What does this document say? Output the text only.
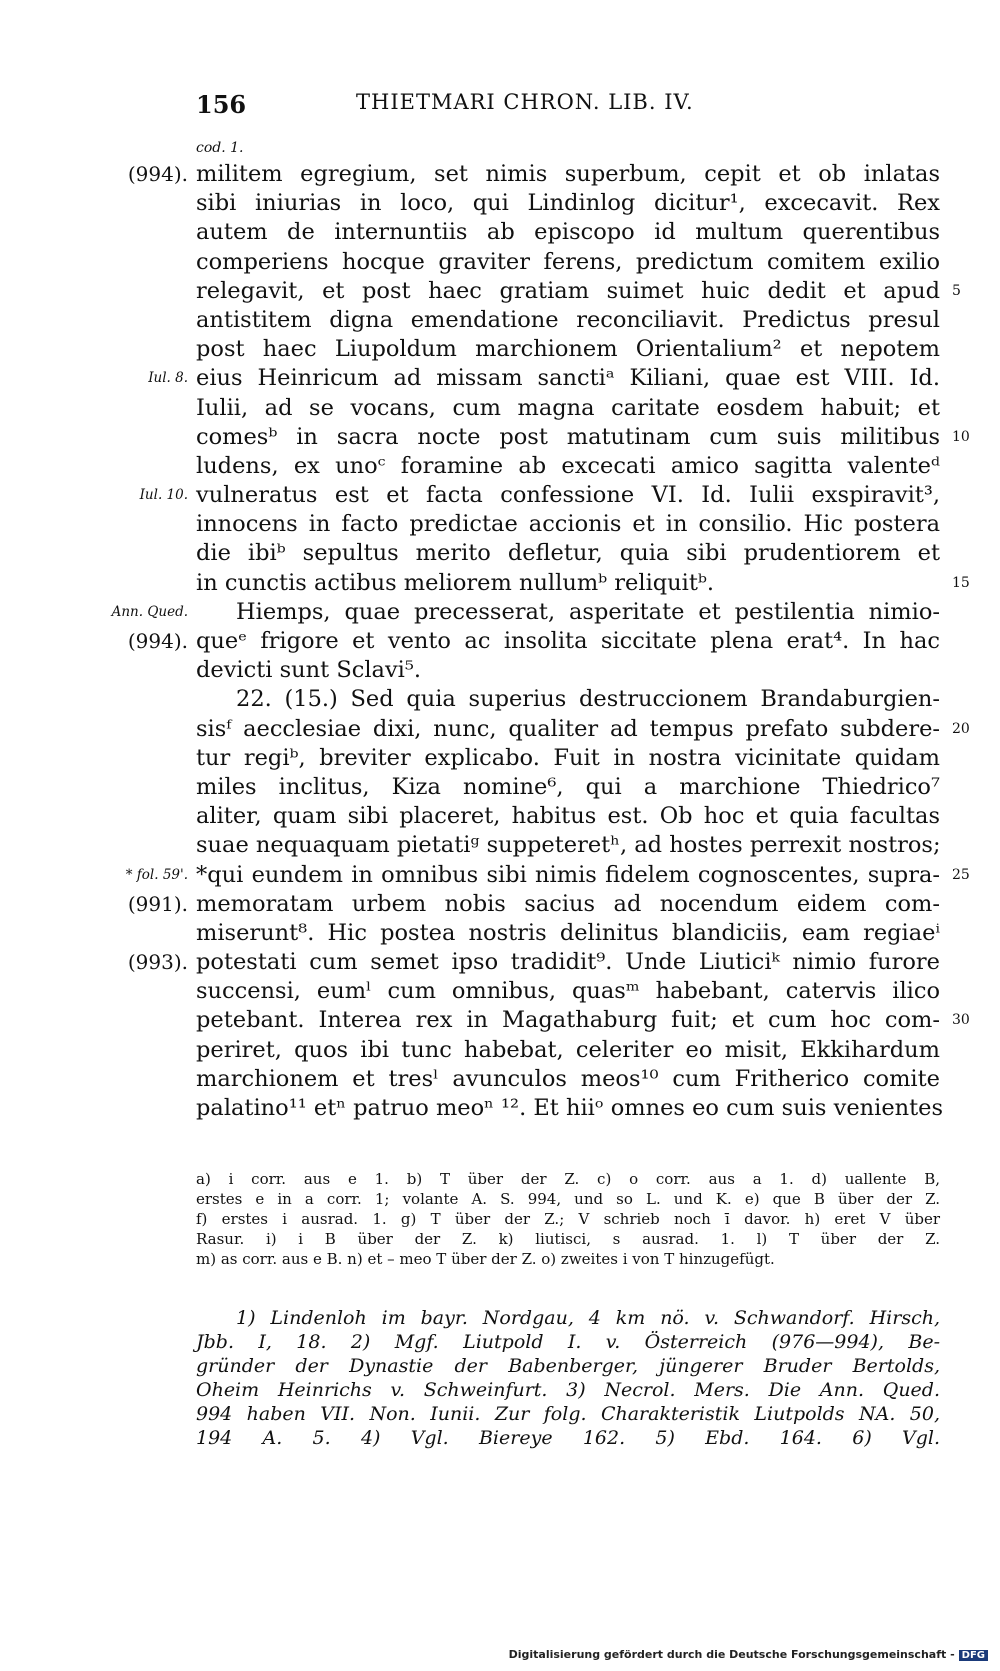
156	THIETMARI CHRON. LIB. IV.
cod. 1.
militem egregium, set nimis superbum, cepit et ob inlatas
(994).
sibi iniurias in loco, qui Lindinlog dicitur¹, excecavit. Rex
autem de internuntiis ab episcopo id multum querentibus
comperiens hocque graviter ferens, predictum comitem exilio
relegavit, et post haec gratiam suimet huic dedit et apud 5
antistitem digna emendatione reconciliavit. Predictus presul
post haec Liupoldum marchionem Orientalium² et nepotem
eius Heinricum ad missam sanctiᵃ Kiliani, quae est VIII. Id.
Iul. 8.
Iulii, ad se vocans, cum magna caritate eosdem habuit; et
comesᵇ in sacra nocte post matutinam cum suis militibus 10
ludens, ex unoᶜ foramine ab excecati amico sagitta valenteᵈ
vulneratus est et facta confessione VI. Id. Iulii exspiravit³,
Iul. 10.
innocens in facto predictae accionis et in consilio. Hic postera
die ibiᵇ sepultus merito defletur, quia sibi prudentiorem et
in cunctis actibus meliorem nullumᵇ reliquitᵇ.	15
Hiemps, quae precesserat, asperitate et pestilentia nimio-
Ann. Qued.
queᵉ frigore et vento ac insolita siccitate plena erat⁴. In hac
(994).
devicti sunt Sclavi⁵.
22. (15.) Sed quia superius destruccionem Brandaburgien-
sisᶠ aecclesiae dixi, nunc, qualiter ad tempus prefato subdere- 20
tur regiᵇ, breviter explicabo. Fuit in nostra vicinitate quidam
miles inclitus, Kiza nomine⁶, qui a marchione Thiedrico⁷
aliter, quam sibi placeret, habitus est. Ob hoc et quia facultas
suae nequaquam pietatiᵍ suppeteretʰ, ad hostes perrexit nostros;
*qui eundem in omnibus sibi nimis fidelem cognoscentes, supra-
* fol. 59'.	25
memoratam urbem nobis sacius ad nocendum eidem com-
(991).
miserunt⁸. Hic postea nostris delinitus blandiciis, eam regiaeⁱ
potestati cum semet ipso tradidit⁹. Unde Liuticiᵏ nimio furore
(993).
succensi, eumˡ cum omnibus, quasᵐ habebant, catervis ilico
petebant. Interea rex in Magathaburg fuit; et cum hoc com- 30
periret, quos ibi tunc habebat, celeriter eo misit, Ekkihardum
marchionem et tresˡ avunculos meos¹⁰ cum Fritherico comite
palatino¹¹ etⁿ patruo meoⁿ ¹². Et hiiᵒ omnes eo cum suis venientes
a) i corr. aus e 1. b) T über der Z. c) o corr. aus a 1. d) uallente B,
erstes e in a corr. 1; volante A. S. 994, und so L. und K. e) que B über der Z.
f) erstes i ausrad. 1. g) T über der Z.; V schrieb noch ī davor. h) eret V über
Rasur. i) i B über der Z. k) liutisci, s ausrad. 1. l) T über der Z.
m) as corr. aus e B. n) et – meo T über der Z. o) zweites i von T hinzugefügt.
1) Lindenloh im bayr. Nordgau, 4 km nö. v. Schwandorf. Hirsch,
Jbb. I, 18. 2) Mgf. Liutpold I. v. Österreich (976—994), Be-
gründer der Dynastie der Babenberger, jüngerer Bruder Bertolds,
Oheim Heinrichs v. Schweinfurt. 3) Necrol. Mers. Die Ann. Qued.
994 haben VII. Non. Iunii. Zur folg. Charakteristik Liutpolds NA. 50,
194 A. 5. 4) Vgl. Biereye 162. 5) Ebd. 164. 6) Vgl.
Digitalisierung gefördert durch die Deutsche Forschungsgemeinschaft - DFG
